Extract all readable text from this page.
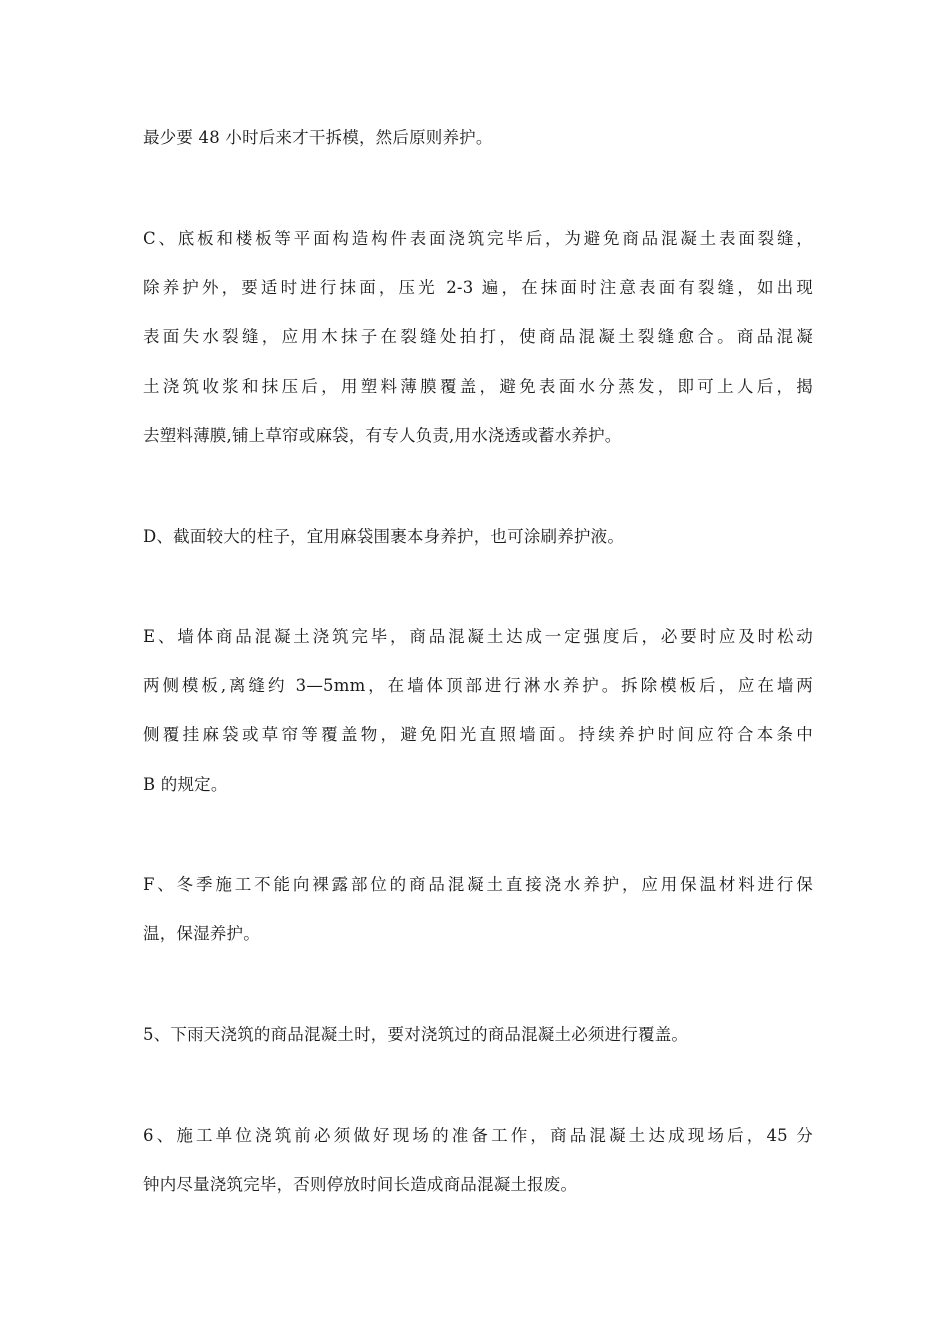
最少要 48 小时后来才干拆模，然后原则养护。
C、底板和楼板等平面构造构件表面浇筑完毕后，为避免商品混凝土表面裂缝，
除养护外，要适时进行抹面，压光 2-3 遍，在抹面时注意表面有裂缝，如出现
表面失水裂缝，应用木抹子在裂缝处拍打，使商品混凝土裂缝愈合。商品混凝
土浇筑收浆和抹压后，用塑料薄膜覆盖，避免表面水分蒸发，即可上人后，揭
去塑料薄膜,铺上草帘或麻袋，有专人负责,用水浇透或蓄水养护。
D、截面较大的柱子，宜用麻袋围裹本身养护，也可涂刷养护液。
E、墙体商品混凝土浇筑完毕，商品混凝土达成一定强度后，必要时应及时松动
两侧模板,离缝约 3—5mm，在墙体顶部进行淋水养护。拆除模板后，应在墙两
侧覆挂麻袋或草帘等覆盖物，避免阳光直照墙面。持续养护时间应符合本条中
B 的规定。
F、冬季施工不能向裸露部位的商品混凝土直接浇水养护，应用保温材料进行保
温，保湿养护。
5、下雨天浇筑的商品混凝土时，要对浇筑过的商品混凝土必须进行覆盖。
6、施工单位浇筑前必须做好现场的准备工作，商品混凝土达成现场后，45 分
钟内尽量浇筑完毕，否则停放时间长造成商品混凝土报废。
